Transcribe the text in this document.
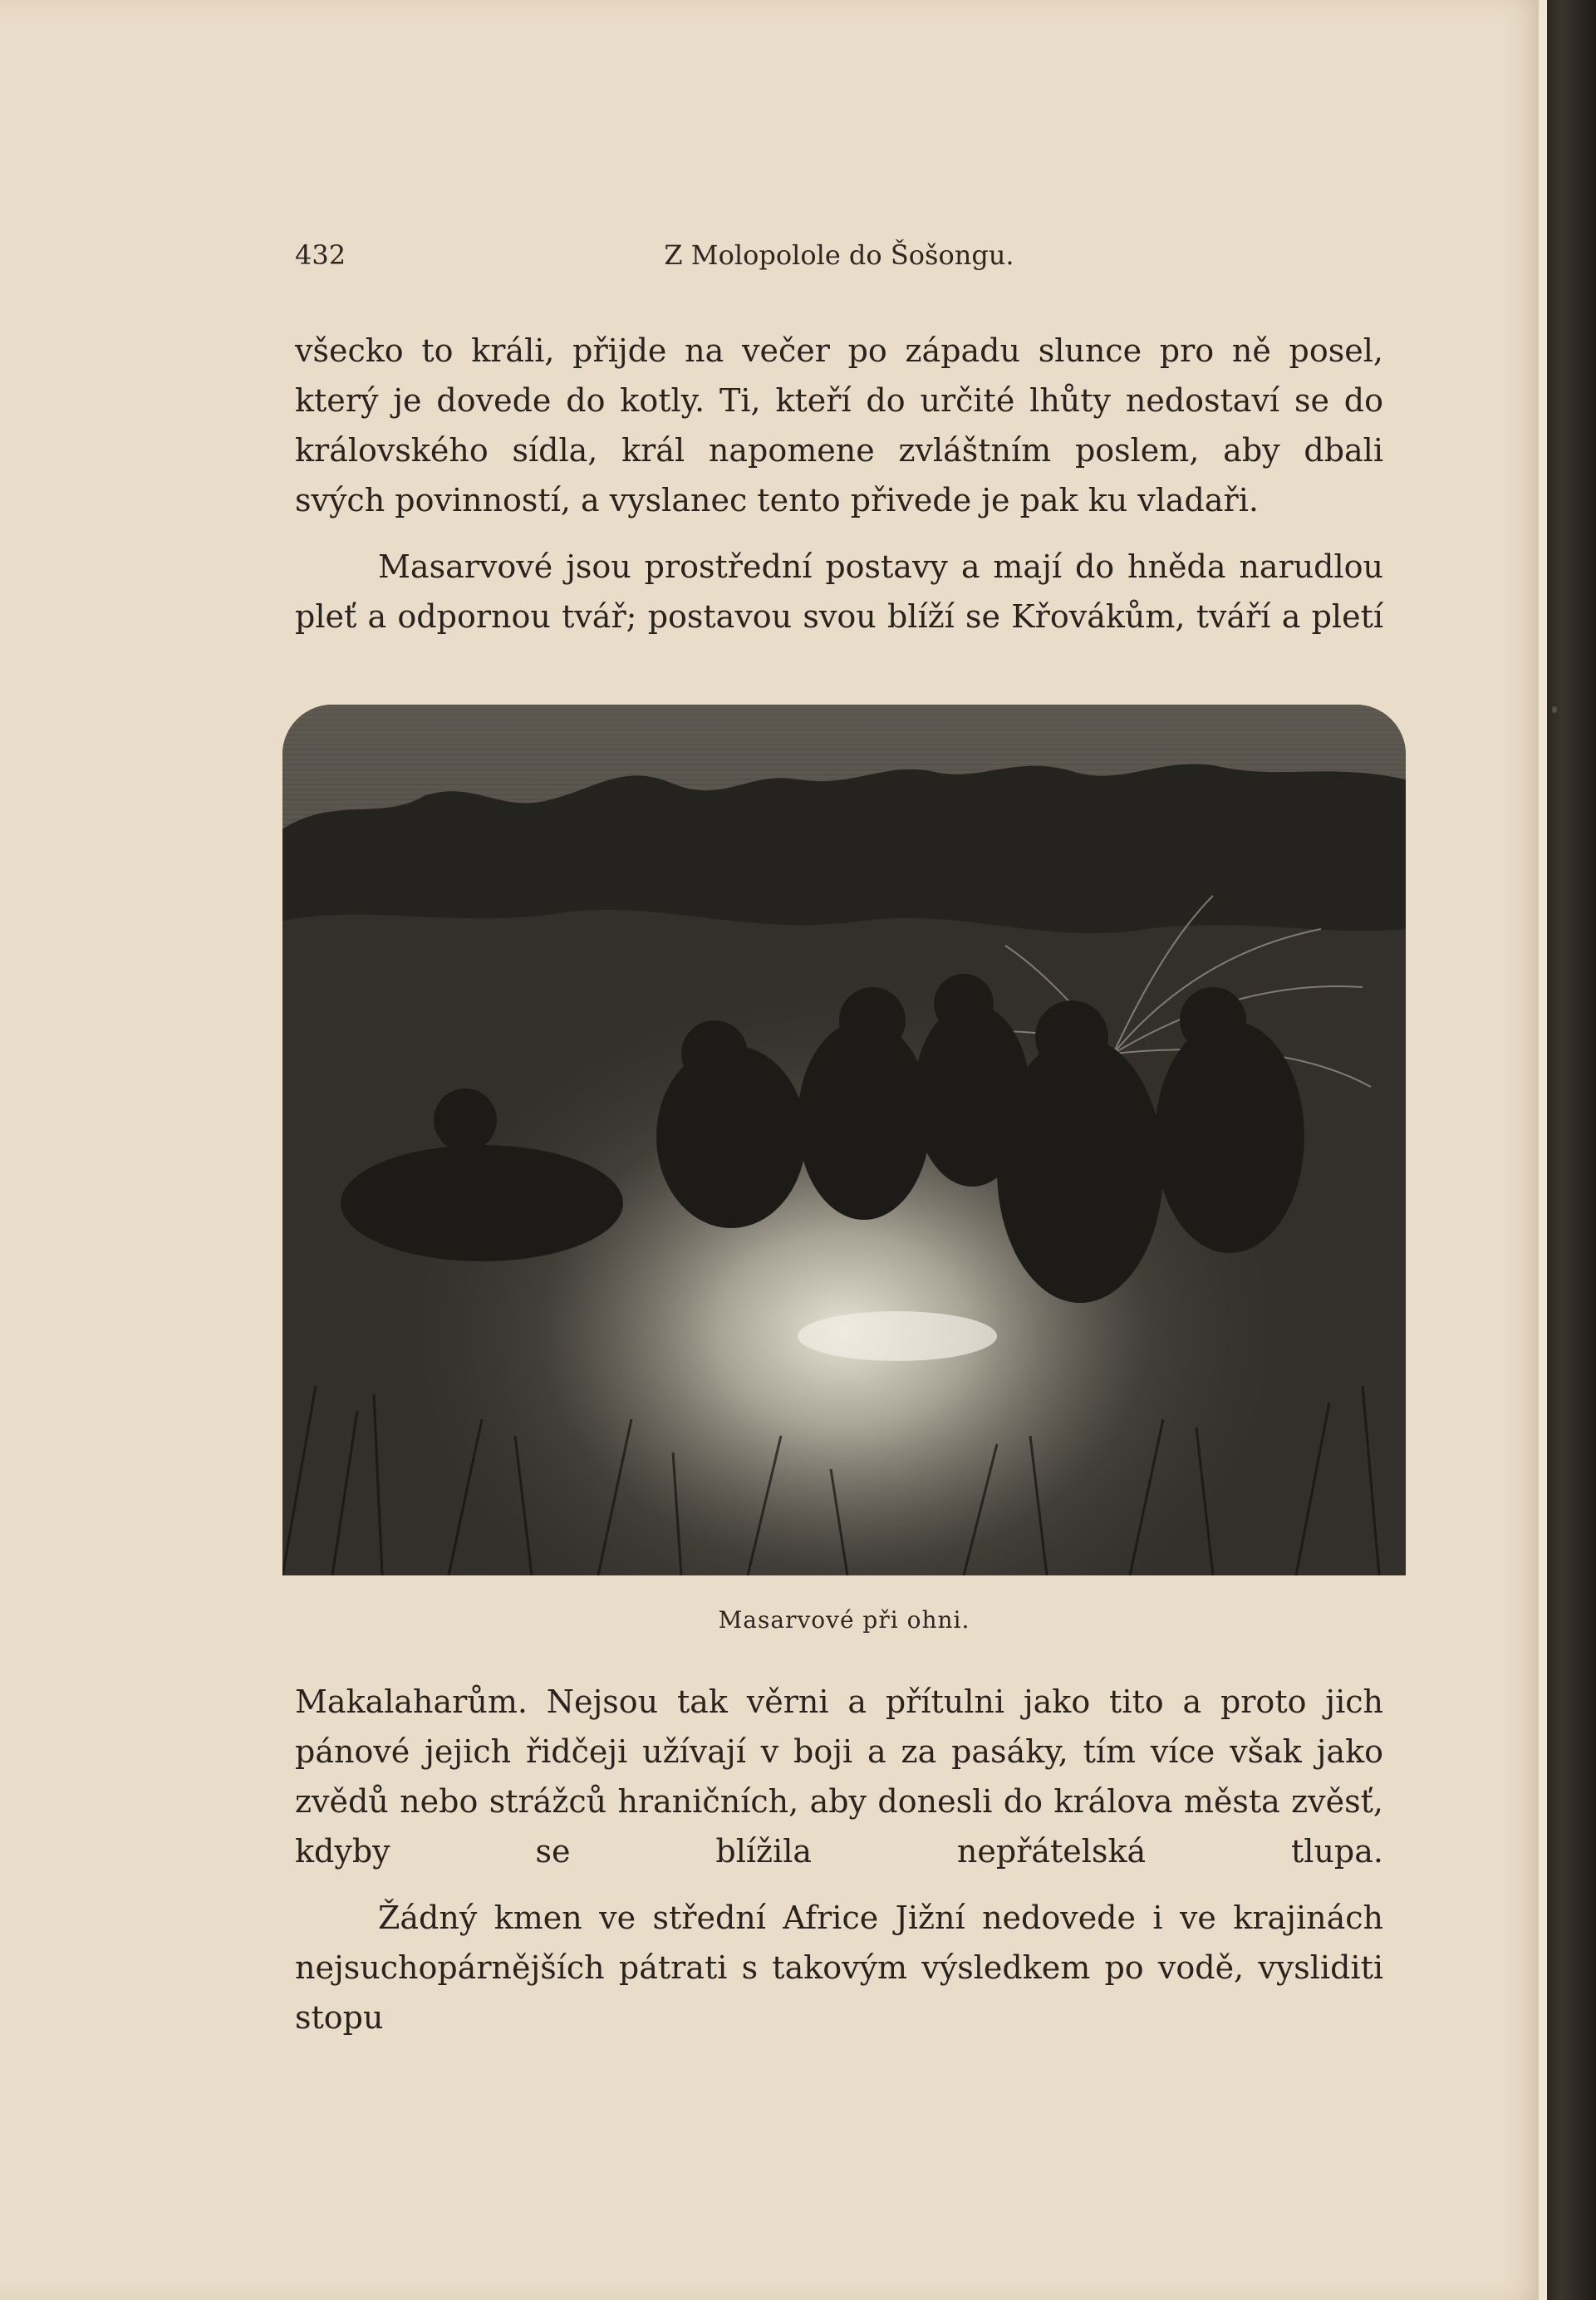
432	Z Molopolole do Šošongu.

všecko to králi, přijde na večer po západu slunce pro ně posel, který je dovede do kotly. Ti, kteří do určité lhůty nedostaví se do královského sídla, král napomene zvláštním poslem, aby dbali svých povinností, a vyslanec tento přivede je pak ku vladaři.

Masarvové jsou prostřední postavy a mají do hněda narudlou pleť a odpornou tvář; postavou svou blíží se Křovákům, tváří a pletí

Masarvové při ohni.

Makalaharům. Nejsou tak věrni a přítulni jako tito a proto jich pánové jejich řidčeji užívají v boji a za pasáky, tím více však jako zvědů nebo strážců hraničních, aby donesli do králova města zvěsť, kdyby se blížila nepřátelská tlupa.

Žádný kmen ve střední Africe Jižní nedovede i ve krajinách nejsuchopárnějších pátrati s takovým výsledkem po vodě, vysliditi stopu
